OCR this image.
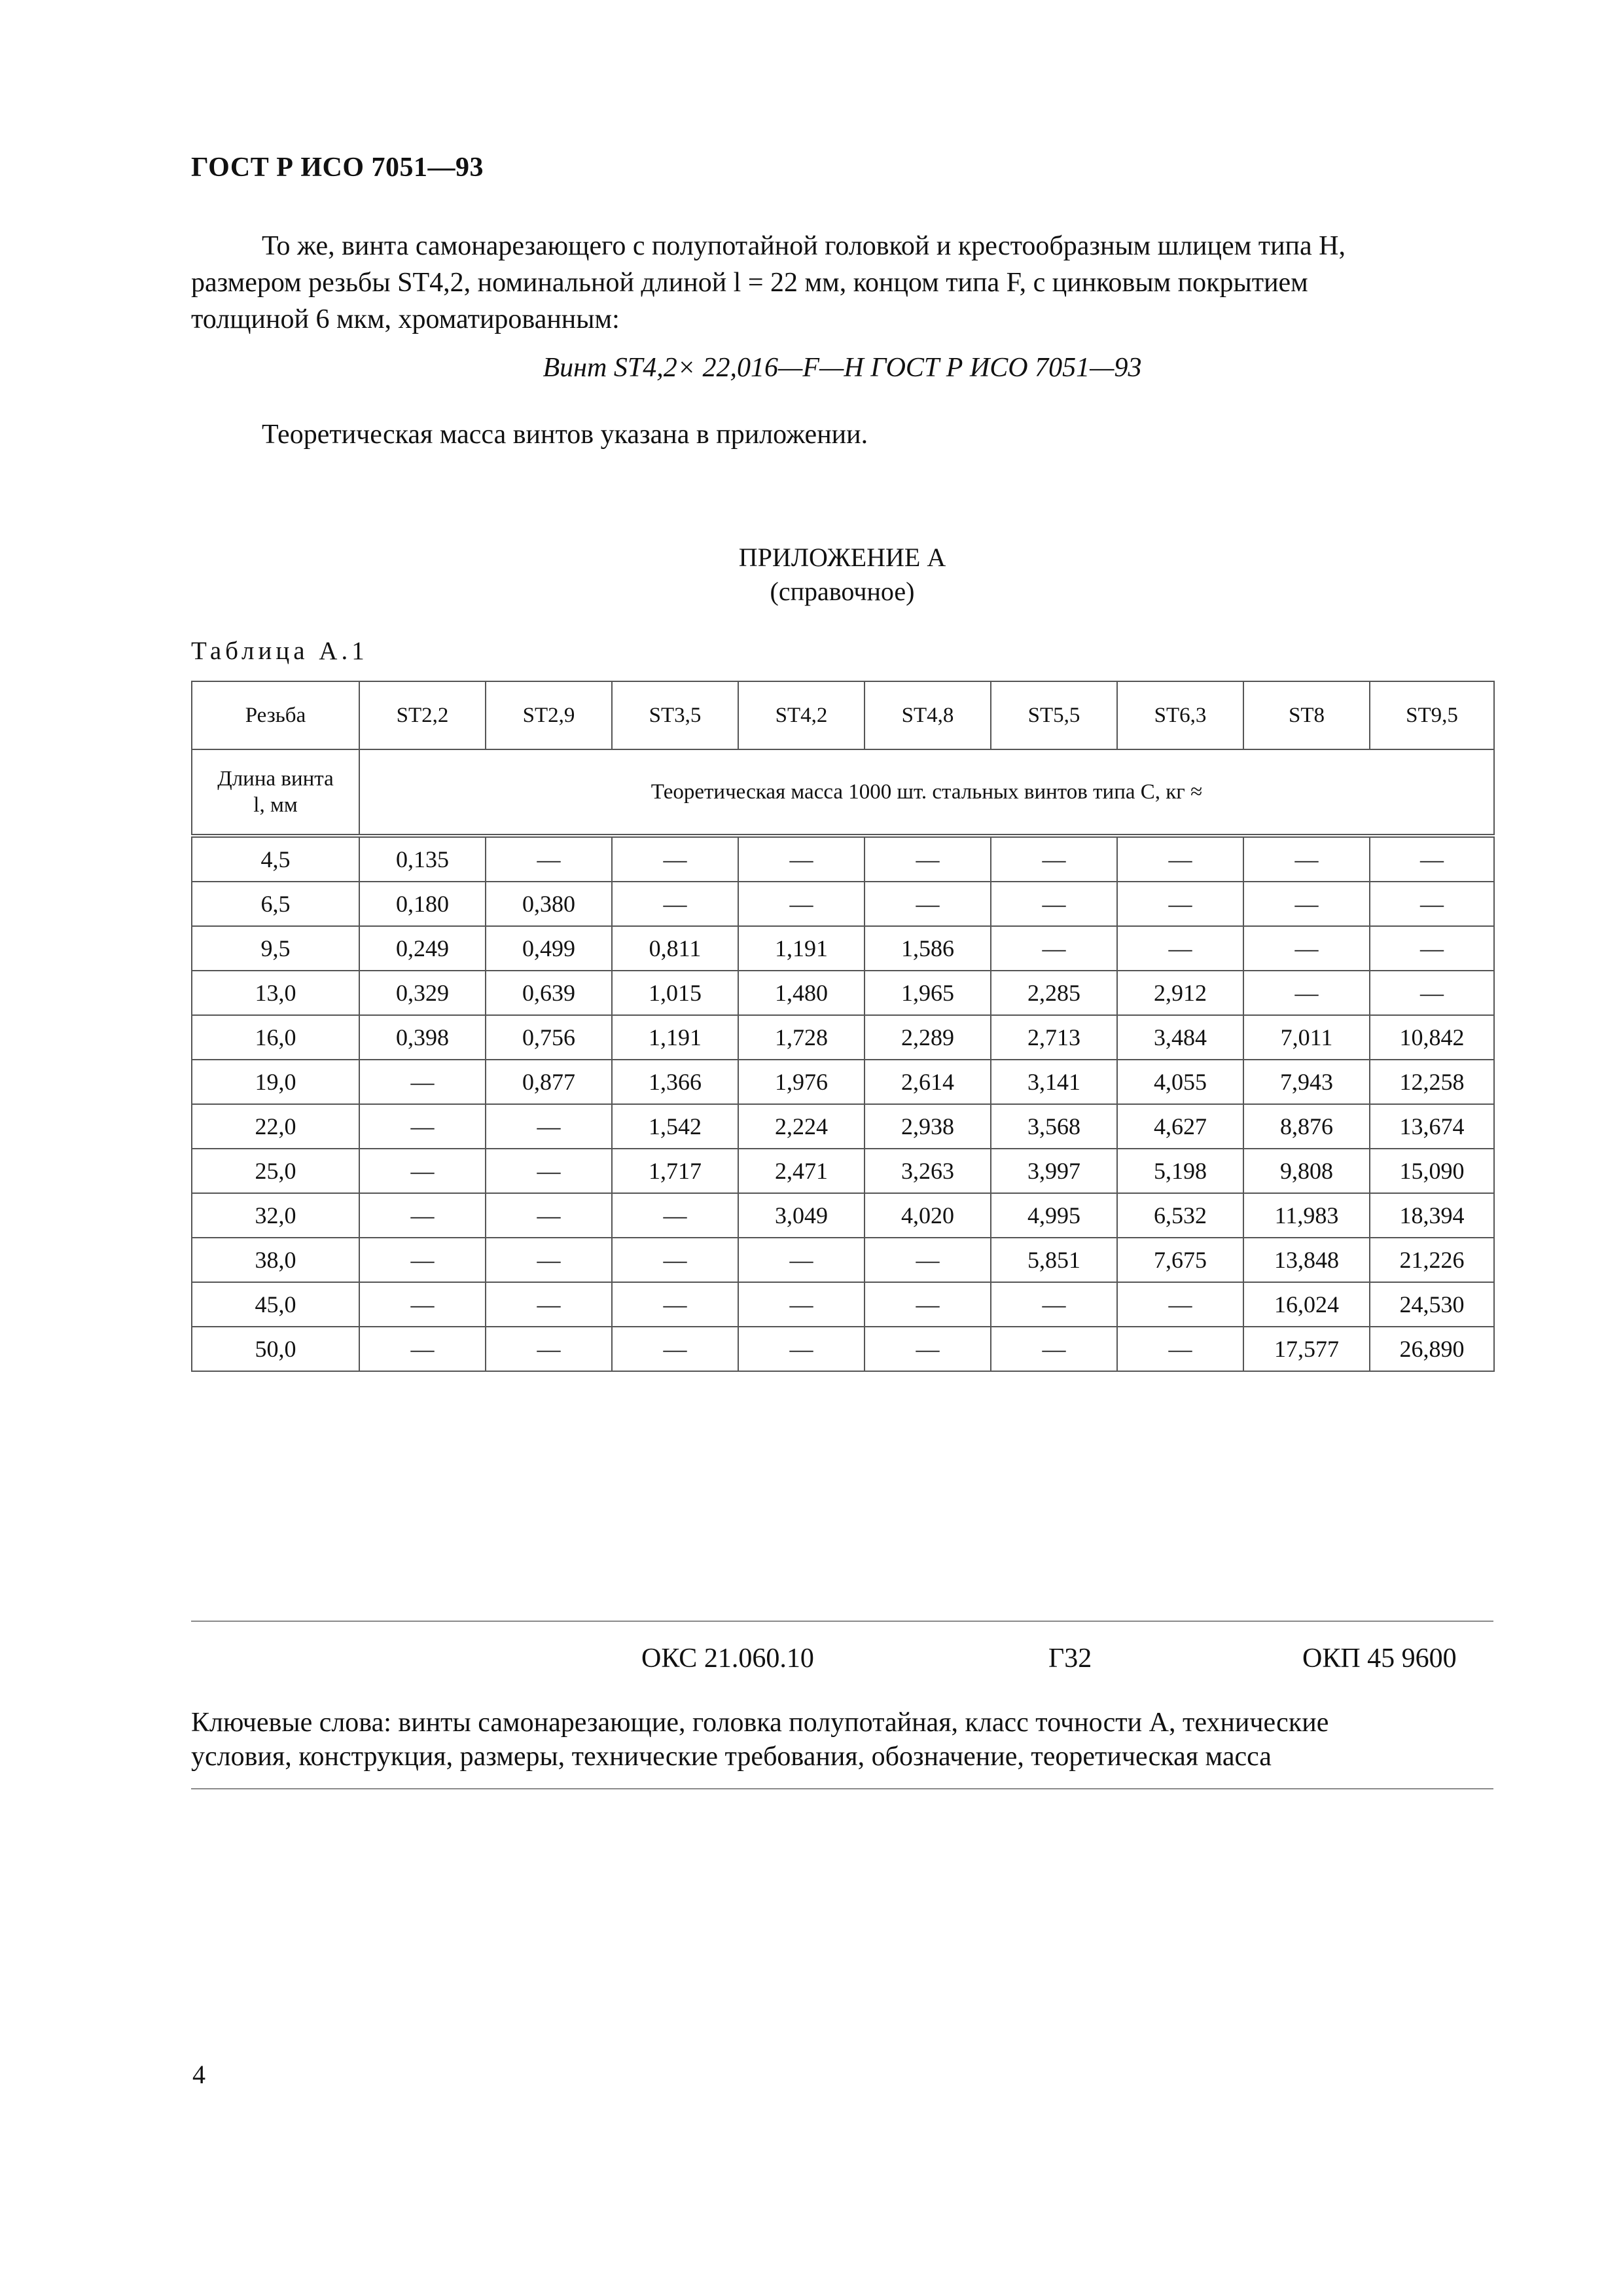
ГОСТ Р ИСО 7051—93

То же, винта самонарезающего с полупотайной головкой и крестообразным шлицем типа Н,

размером резьбы ST4,2, номинальной длиной l = 22 мм, концом типа F, с цинковым покрытием

толщиной 6 мкм, хроматированным:

Винт ST4,2× 22,016—F—Н ГОСТ Р ИСО 7051—93
Теоретическая масса винтов указана в приложении.
ПРИЛОЖЕНИЕ А
(справочное)
Таблица А.1
Резьба	ST2,2	ST2,9	ST3,5	ST4,2	ST4,8	ST5,5	ST6,3	ST8	ST9,5

Длина винта
l, мм	Теоретическая масса 1000 шт. стальных винтов типа С, кг ≈								
4,5	0,135	—	—	—	—	—	—	—	—
6,5	0,180	0,380	—	—	—	—	—	—	—
9,5	0,249	0,499	0,811	1,191	1,586	—	—	—	—
13,0	0,329	0,639	1,015	1,480	1,965	2,285	2,912	—	—
16,0	0,398	0,756	1,191	1,728	2,289	2,713	3,484	7,011	10,842
19,0	—	0,877	1,366	1,976	2,614	3,141	4,055	7,943	12,258
22,0	—	—	1,542	2,224	2,938	3,568	4,627	8,876	13,674
25,0	—	—	1,717	2,471	3,263	3,997	5,198	9,808	15,090
32,0	—	—	—	3,049	4,020	4,995	6,532	11,983	18,394
38,0	—	—	—	—	—	5,851	7,675	13,848	21,226
45,0	—	—	—	—	—	—	—	16,024	24,530
50,0	—	—	—	—	—	—	—	17,577	26,890
ОКС 21.060.10	Г32	ОКП 45 9600
Ключевые слова: винты самонарезающие, головка полупотайная, класс точности А, технические
условия, конструкция, размеры, технические требования, обозначение, теоретическая масса
4
